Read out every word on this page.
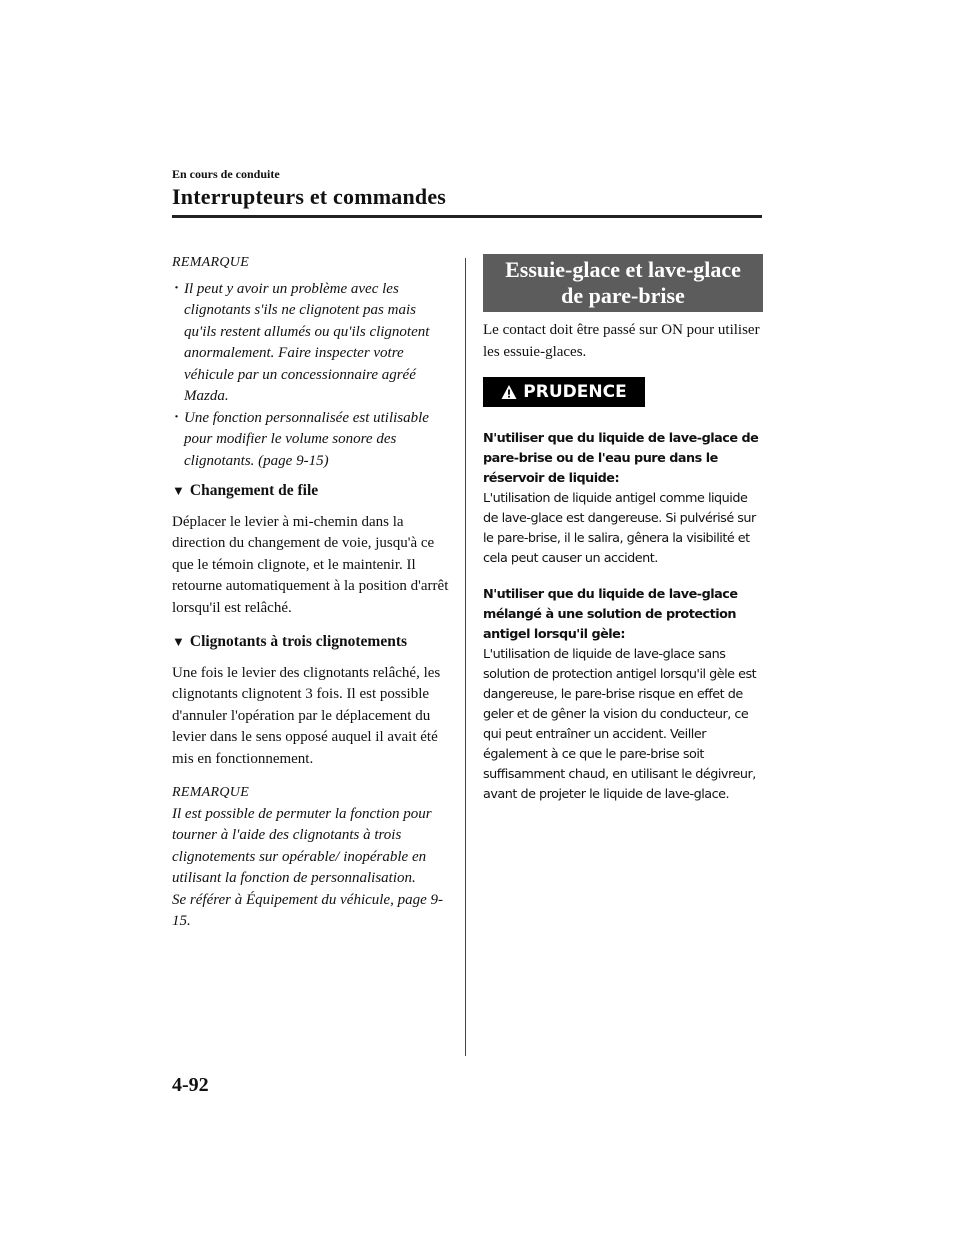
En cours de conduite
Interrupteurs et commandes
REMARQUE
· Il peut y avoir un problème avec les clignotants s'ils ne clignotent pas mais qu'ils restent allumés ou qu'ils clignotent anormalement. Faire inspecter votre véhicule par un concessionnaire agréé Mazda.
· Une fonction personnalisée est utilisable pour modifier le volume sonore des clignotants. (page 9-15)
▼ Changement de file

Déplacer le levier à mi-chemin dans la direction du changement de voie, jusqu'à ce que le témoin clignote, et le maintenir. Il retourne automatiquement à la position d'arrêt lorsqu'il est relâché.

▼ Clignotants à trois clignotements

Une fois le levier des clignotants relâché, les clignotants clignotent 3 fois. Il est possible d'annuler l'opération par le déplacement du levier dans le sens opposé auquel il avait été mis en fonctionnement.

REMARQUE
Il est possible de permuter la fonction pour tourner à l'aide des clignotants à trois clignotements sur opérable/ inopérable en utilisant la fonction de personnalisation.
Se référer à Équipement du véhicule, page 9-15.
Essuie-glace et lave-glace
de pare-brise
Le contact doit être passé sur ON pour utiliser les essuie-glaces.
PRUDENCE
N'utiliser que du liquide de lave-glace de pare-brise ou de l'eau pure dans le réservoir de liquide:
L'utilisation de liquide antigel comme liquide de lave-glace est dangereuse. Si pulvérisé sur le pare-brise, il le salira, gênera la visibilité et cela peut causer un accident.
N'utiliser que du liquide de lave-glace mélangé à une solution de protection antigel lorsqu'il gèle:
L'utilisation de liquide de lave-glace sans solution de protection antigel lorsqu'il gèle est dangereuse, le pare-brise risque en effet de geler et de gêner la vision du conducteur, ce qui peut entraîner un accident. Veiller également à ce que le pare-brise soit suffisamment chaud, en utilisant le dégivreur, avant de projeter le liquide de lave-glace.
4-92
